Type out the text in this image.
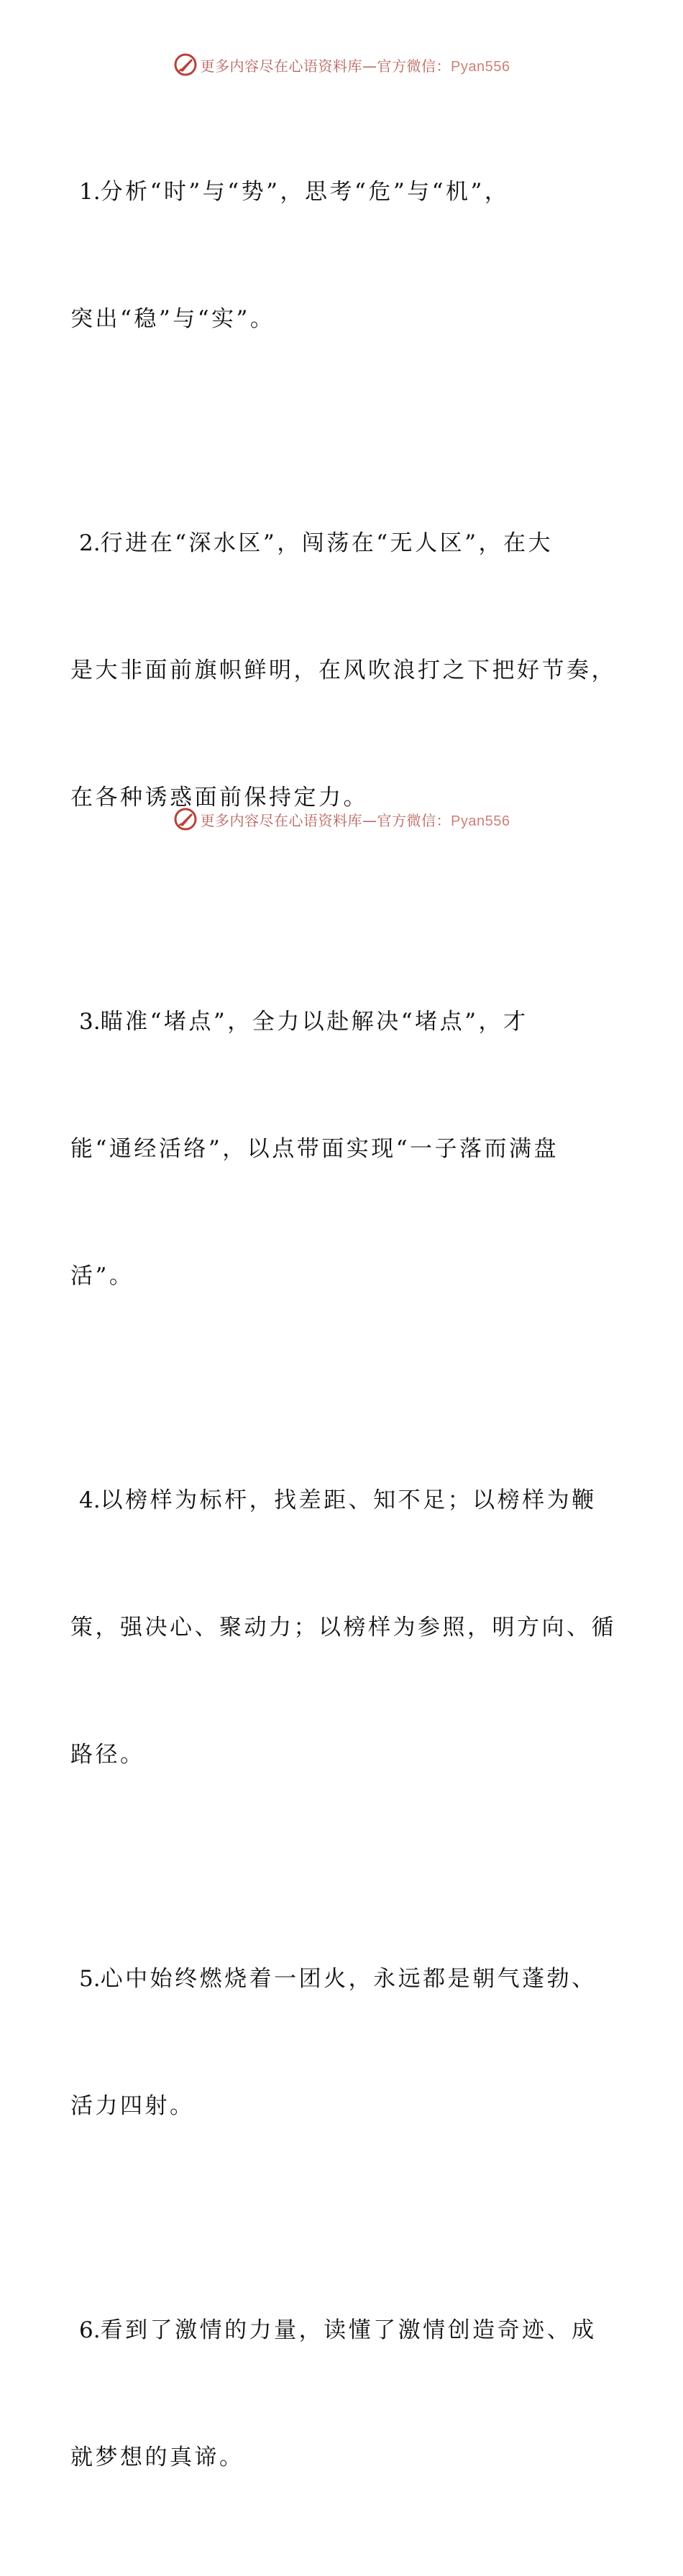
更多内容尽在心语资料库—官方微信：Pyan556

1.分析“时”与“势”，思考“危”与“机”，

突出“稳”与“实”。

2.行进在“深水区”，闯荡在“无人区”，在大

是大非面前旗帜鲜明，在风吹浪打之下把好节奏，

在各种诱惑面前保持定力。

3.瞄准“堵点”，全力以赴解决“堵点”，才

能“通经活络”，以点带面实现“一子落而满盘

活”。

4.以榜样为标杆，找差距、知不足；以榜样为鞭

策，强决心、聚动力；以榜样为参照，明方向、循

路径。

5.心中始终燃烧着一团火，永远都是朝气蓬勃、

活力四射。

6.看到了激情的力量，读懂了激情创造奇迹、成

就梦想的真谛。

更多内容尽在心语资料库—官方微信：Pyan556
